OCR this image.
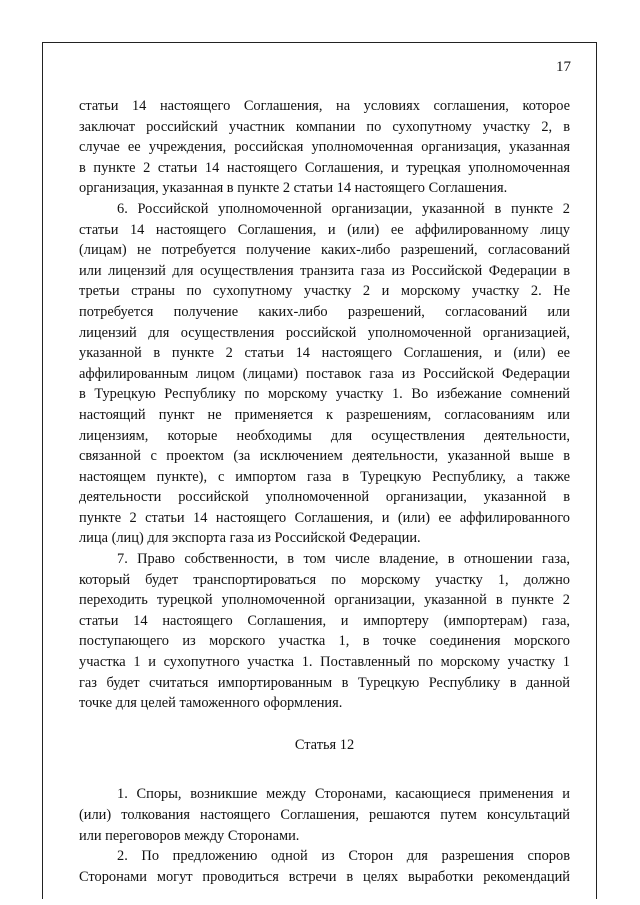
17

статьи 14 настоящего Соглашения, на условиях соглашения, которое
заключат российский участник компании по сухопутному участку 2, в
случае ее учреждения, российская уполномоченная организация, указанная
в пункте 2 статьи 14 настоящего Соглашения, и турецкая уполномоченная
организация, указанная в пункте 2 статьи 14 настоящего Соглашения.

6. Российской уполномоченной организации, указанной в пункте 2
статьи 14 настоящего Соглашения, и (или) ее аффилированному лицу
(лицам) не потребуется получение каких-либо разрешений, согласований
или лицензий для осуществления транзита газа из Российской Федерации в
третьи страны по сухопутному участку 2 и морскому участку 2. Не
потребуется получение каких-либо разрешений, согласований или
лицензий для осуществления российской уполномоченной организацией,
указанной в пункте 2 статьи 14 настоящего Соглашения, и (или) ее
аффилированным лицом (лицами) поставок газа из Российской Федерации
в Турецкую Республику по морскому участку 1. Во избежание сомнений
настоящий пункт не применяется к разрешениям, согласованиям или
лицензиям, которые необходимы для осуществления деятельности,
связанной с проектом (за исключением деятельности, указанной выше в
настоящем пункте), с импортом газа в Турецкую Республику, а также
деятельности российской уполномоченной организации, указанной в
пункте 2 статьи 14 настоящего Соглашения, и (или) ее аффилированного
лица (лиц) для экспорта газа из Российской Федерации.

7. Право собственности, в том числе владение, в отношении газа,
который будет транспортироваться по морскому участку 1, должно
переходить турецкой уполномоченной организации, указанной в пункте 2
статьи 14 настоящего Соглашения, и импортеру (импортерам) газа,
поступающего из морского участка 1, в точке соединения морского
участка 1 и сухопутного участка 1. Поставленный по морскому участку 1
газ будет считаться импортированным в Турецкую Республику в данной
точке для целей таможенного оформления.

Статья 12

1. Споры, возникшие между Сторонами, касающиеся применения и
(или) толкования настоящего Соглашения, решаются путем консультаций
или переговоров между Сторонами.

2. По предложению одной из Сторон для разрешения споров
Сторонами могут проводиться встречи в целях выработки рекомендаций
